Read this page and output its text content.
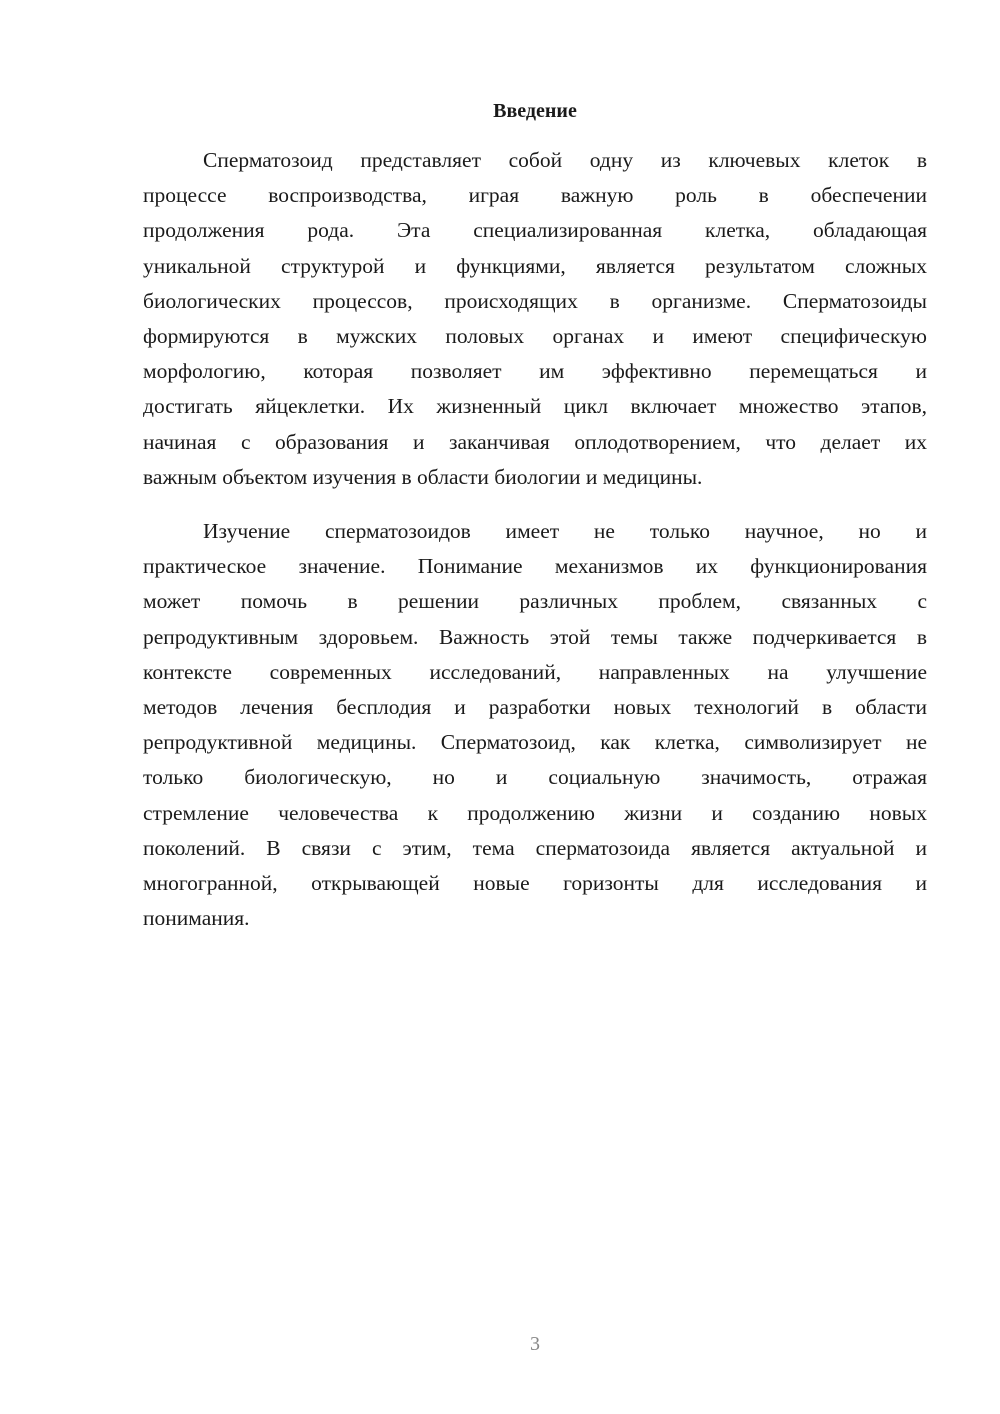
Введение
Сперматозоид представляет собой одну из ключевых клеток в
процессе воспроизводства, играя важную роль в обеспечении
продолжения рода. Эта специализированная клетка, обладающая
уникальной структурой и функциями, является результатом сложных
биологических процессов, происходящих в организме. Сперматозоиды
формируются в мужских половых органах и имеют специфическую
морфологию, которая позволяет им эффективно перемещаться и
достигать яйцеклетки. Их жизненный цикл включает множество этапов,
начиная с образования и заканчивая оплодотворением, что делает их
важным объектом изучения в области биологии и медицины.
Изучение сперматозоидов имеет не только научное, но и
практическое значение. Понимание механизмов их функционирования
может помочь в решении различных проблем, связанных с
репродуктивным здоровьем. Важность этой темы также подчеркивается в
контексте современных исследований, направленных на улучшение
методов лечения бесплодия и разработки новых технологий в области
репродуктивной медицины. Сперматозоид, как клетка, символизирует не
только биологическую, но и социальную значимость, отражая
стремление человечества к продолжению жизни и созданию новых
поколений. В связи с этим, тема сперматозоида является актуальной и
многогранной, открывающей новые горизонты для исследования и
понимания.
3
